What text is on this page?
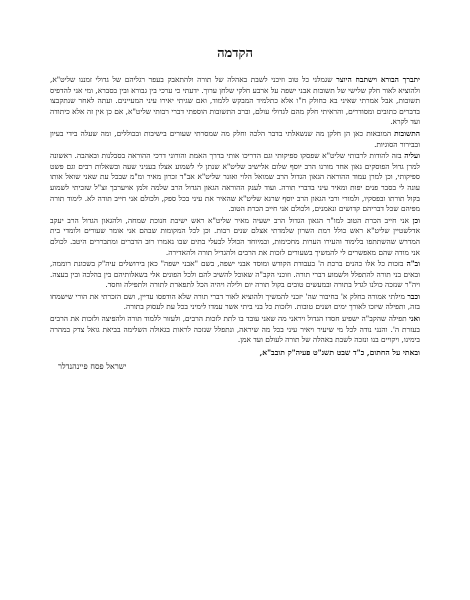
הקדמה

יתברך הבורא וישתבח היוצר שגמלני כל טוב וזיכני לשבת באהלה של תורה ולהתאבק בעפר רגליהם של גדולי זמננו שליט"א, ולהוציא לאור חלק שלישי של תשובות אבני ישפה על ארבע חלקי שלחן ערוך. ידעתי כי ערכי בין גבורא ובין בסברא, ומי אני להדפיס תשובות, אבל אמרתי שאיני בא כחולק ח"ו אלא כתלמיד המבקש ללמוד, ואם שגיתי יאירו עיני המעיינים. ועתה לאחר שנתקבצו בדברים כתובים ומסודרים, והראיתי חלק מהם לגדולי עולם, וברב התשובות הוספתי דברי רבותי שליט"א, אם כן אין זה אלא כיתודה ועד לקרא.

התשובות המובאות כאן הן חלקן מה שנשאלתי בדבר הלכה וחלק מה שמסרתי שעורים בישיבות ובכוללים, ומה שעלה בידי בעיון ובבירור הסוגיות.

ועליה בזה להודות לרבותי שליט"א שפסקו ספיקותי וגם הדריכו אותי בדרך האמת והורוני דרכי ההוראה בסבלנות ובאהבה. ראשונה למרן גדול הפוסקים גאון אחד מורנו הרב יוסף שלום אלישיב שליט"א שנתן לי לשמוע אצלו בעניני שעה ובשאלות רבים וגם פשט ספיקותי, וכן למרן עמוד ההוראה הגאון הגדול הרב שמואל הלוי ואזנר שליט"א אב"ד זכרון מאיר ומ"מ שבכל עת שאני שואל אותו עונה לי בסבר פנים יפות ומאיר עיני בדברי תורה. ועוד לענק ההוראה הגאון הגדול הרב שלמה זלמן אויערבך זצ"ל שזכיתי לשמוע בקול תורתו ובפסקיו, ולמורי ורבי הגאון הרב יוסף שרגא שליט"א שהאיר את עיני בכל ספק, ולכולם אני חייב תודה לא. לימוד תורה מפיהם שכל דבריהם קדושים ונאמנים, ולכולם אני חייב הכרת הטוב.

וכן אני חייב הכרת הטוב למו"ר הגאון הגדול הרב ישעיה מאיר שליט"א ראש ישיבת חנוכת שמחה, ולהגאון הגדול הרב יעקב אדלשטיין שליט"א ראש כולל רמת השרון שלמדתי אצלם שנים רבות. וכן לכל המקומות שבהם אני אומר שעורים ולומדי בית המדרש שהשתתפו בלימוד והעירו הערות מחכימות, ובמיוחד הכולל לבעלי בתים שבו נאמרו רוב הדברים ומתבררים היטב. לכולם אני מודה שהם מאפשרים לי להמשיך בשעורים לזכות את הרבים ולהגדיל תורה ולהאדירה.

וב"ה בזכות כל אלו כהנים ברכת ה' בעבודת הקודש ומוסד אבני ישפה, בשם "אבני ישפה" כאן בירושלים עיה"ק בשכונת רוממה, ובאים בני תורה להתפלל ולשמוע דברי תורה. וזוכני הקב"ה שאוכל להשיב להם ולכל הפונים אלי בשאלותיהם בין בהלכה ובין בעצה. ויה"ר שנזכה כולנו לגדל בתורה ובמעשים טובים בקול תורה יום ולילה ויהיה הכל לתפארת לתורה ולתפילה וחסד.

וכבר מילתי אמורה בחלק א' בחיבור שה' יזכני להמשיך ולהוציא לאור דברי תורה שלא הודפסו עדיין, ושם הזכרתי את הורי שישמחו בזה, ותפילה שיזכו לאורך ימים ושנים טובות. ולזכות כל בני ביתי אשר עמדו לימיני בכל עת לעסוק בתורה.

ואני תפילה שהקב"ה ישפיע חסדו הגדול ויראני מה שאני עובד בו לתת לזכות הרבים, ולעזור ללמוד תורה ולהפיצה ולזכות את הרבים בעזרת ה'. והנני נודה לכל מי שיעיר ויאיר עיני בכל מה שיראה, ונתפלל שנזכה לראות בגאולה השלימה בביאת גואל צדק במהרה בימינו, ויקויים בנו ונזכה לשבת באהלה של תורה לעולם ועד אמן.

ובאתי על החתום, כ"ד שבט תשנ"ט פעיה"ק תובב"א,
ישראל פסח פיינהנדלר
